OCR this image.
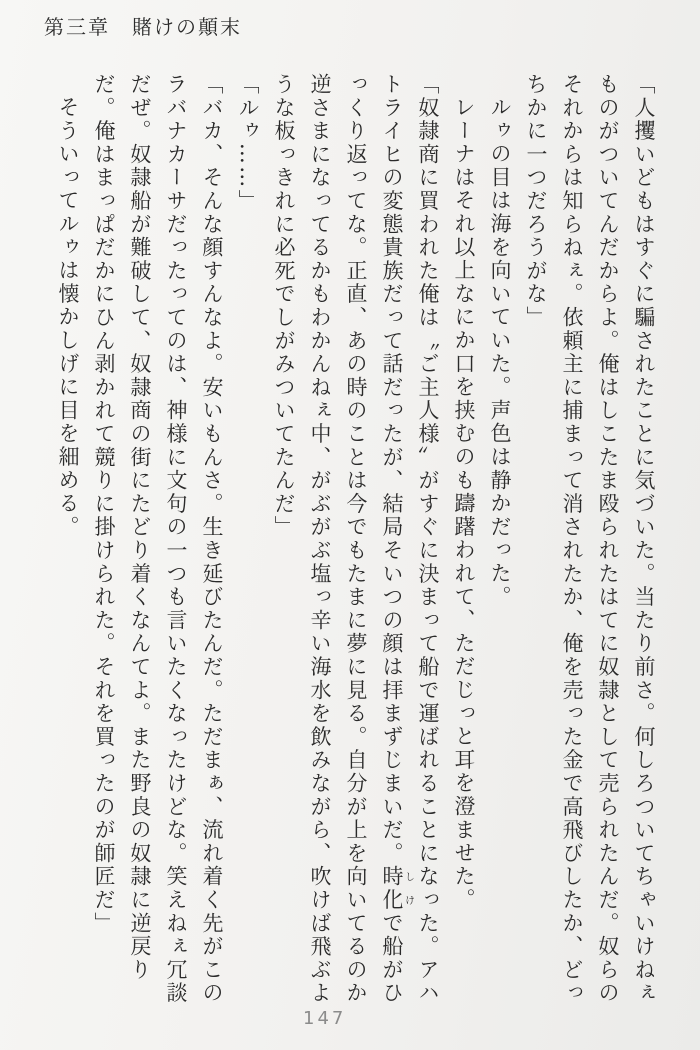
第三章　賭けの顛末

「人攫いどもはすぐに騙されたことに気づいた。当たり前さ。何しろついてちゃいけねぇものがついてんだからよ。俺はしこたま殴られたはてに奴隷として売られたんだ。奴らのそれからは知らねぇ。依頼主に捕まって消されたか、俺を売った金で高飛びしたか、どっちかに一つだろうがな」

ルゥの目は海を向いていた。声色は静かだった。

レーナはそれ以上なにか口を挟むのも躊躇われて、ただじっと耳を澄ませた。

「奴隷商に買われた俺は〝ご主人様〟がすぐに決まって船で運ばれることになった。アハトライヒの変態貴族だって話だったが、結局そいつの顔は拝まずじまいだ。時化しけで船がひっくり返ってな。正直、あの時のことは今でもたまに夢に見る。自分が上を向いてるのか逆さまになってるかもわかんねぇ中、がぶがぶ塩っ辛い海水を飲みながら、吹けば飛ぶような板っきれに必死でしがみついてたんだ」

「ルゥ……」

「バカ、そんな顔すんなよ。安いもんさ。生き延びたんだ。ただまぁ、流れ着く先がこのラバナカーサだったってのは、神様に文句の一つも言いたくなったけどな。笑えねぇ冗談だぜ。奴隷船が難破して、奴隷商の街にたどり着くなんてよ。また野良の奴隷に逆戻りだ。俺はまっぱだかにひん剥かれて競りに掛けられた。それを買ったのが師匠だ」

そういってルゥは懐かしげに目を細める。

147
